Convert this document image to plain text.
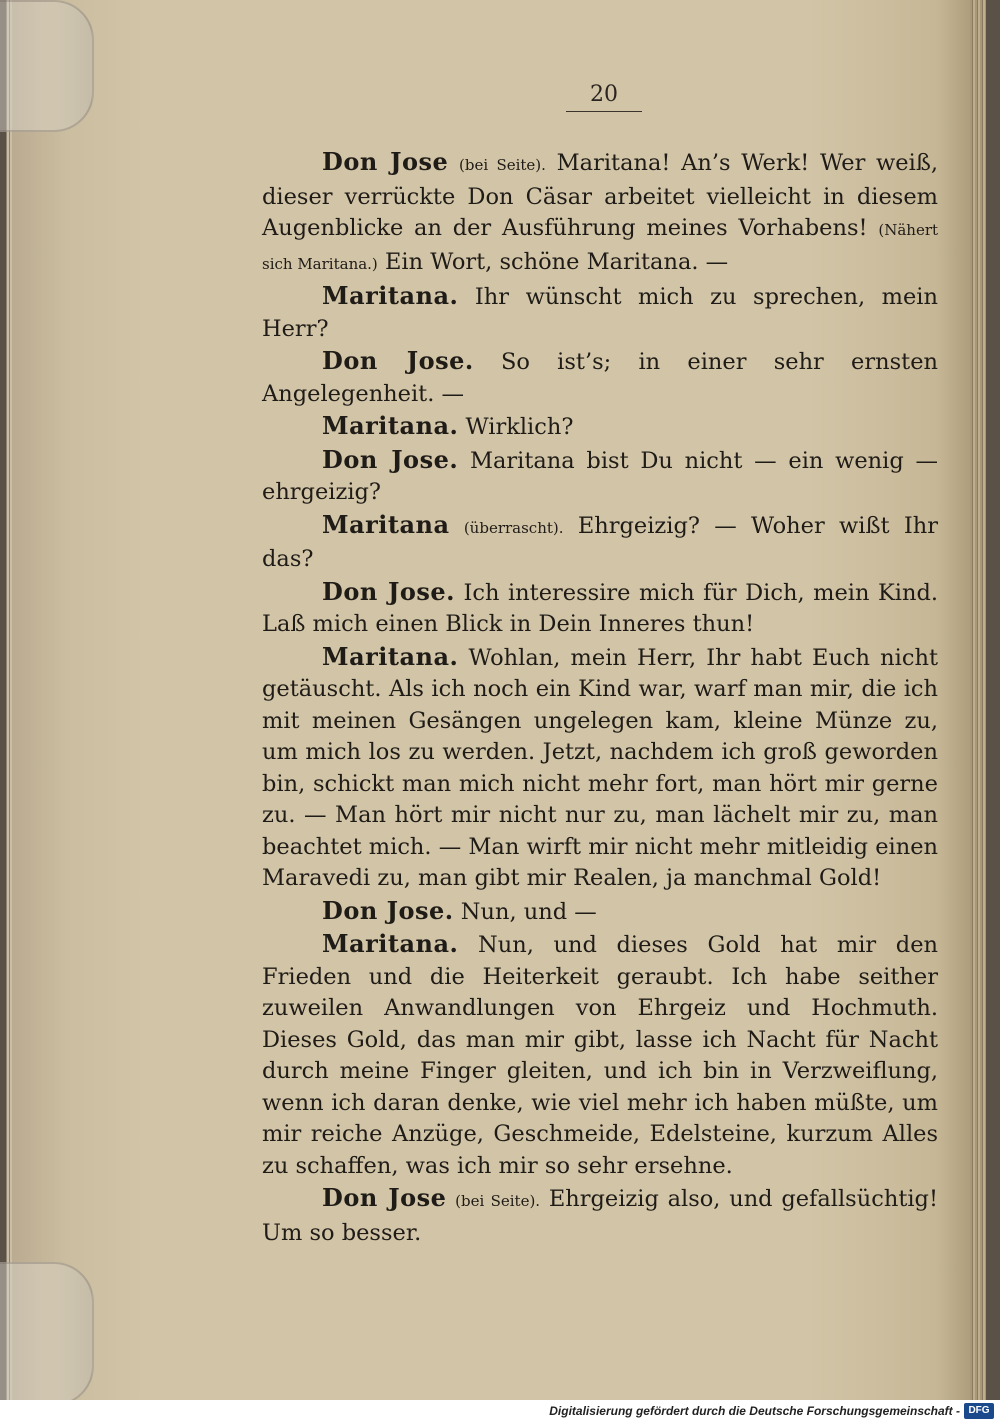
20

Don Jose (bei Seite). Maritana! An’s Werk! Wer weiß, dieser verrückte Don Cäsar arbeitet vielleicht in diesem Augenblicke an der Ausführung meines Vorhabens! (Nähert sich Maritana.) Ein Wort, schöne Maritana. —

Maritana. Ihr wünscht mich zu sprechen, mein Herr?

Don Jose. So ist’s; in einer sehr ernsten Angelegenheit. —

Maritana. Wirklich?

Don Jose. Maritana bist Du nicht — ein wenig — ehrgeizig?

Maritana (überrascht). Ehrgeizig? — Woher wißt Ihr das?

Don Jose. Ich interessire mich für Dich, mein Kind. Laß mich einen Blick in Dein Inneres thun!

Maritana. Wohlan, mein Herr, Ihr habt Euch nicht getäuscht. Als ich noch ein Kind war, warf man mir, die ich mit meinen Gesängen ungelegen kam, kleine Münze zu, um mich los zu werden. Jetzt, nachdem ich groß geworden bin, schickt man mich nicht mehr fort, man hört mir gerne zu. — Man hört mir nicht nur zu, man lächelt mir zu, man beachtet mich. — Man wirft mir nicht mehr mitleidig einen Maravedi zu, man gibt mir Realen, ja manchmal Gold!

Don Jose. Nun, und —

Maritana. Nun, und dieses Gold hat mir den Frieden und die Heiterkeit geraubt. Ich habe seither zuweilen Anwandlungen von Ehrgeiz und Hochmuth. Dieses Gold, das man mir gibt, lasse ich Nacht für Nacht durch meine Finger gleiten, und ich bin in Verzweiflung, wenn ich daran denke, wie viel mehr ich haben müßte, um mir reiche Anzüge, Geschmeide, Edelsteine, kurzum Alles zu schaffen, was ich mir so sehr ersehne.

Don Jose (bei Seite). Ehrgeizig also, und gefallsüchtig! Um so besser.

Digitalisierung gefördert durch die Deutsche Forschungsgemeinschaft - DFG
